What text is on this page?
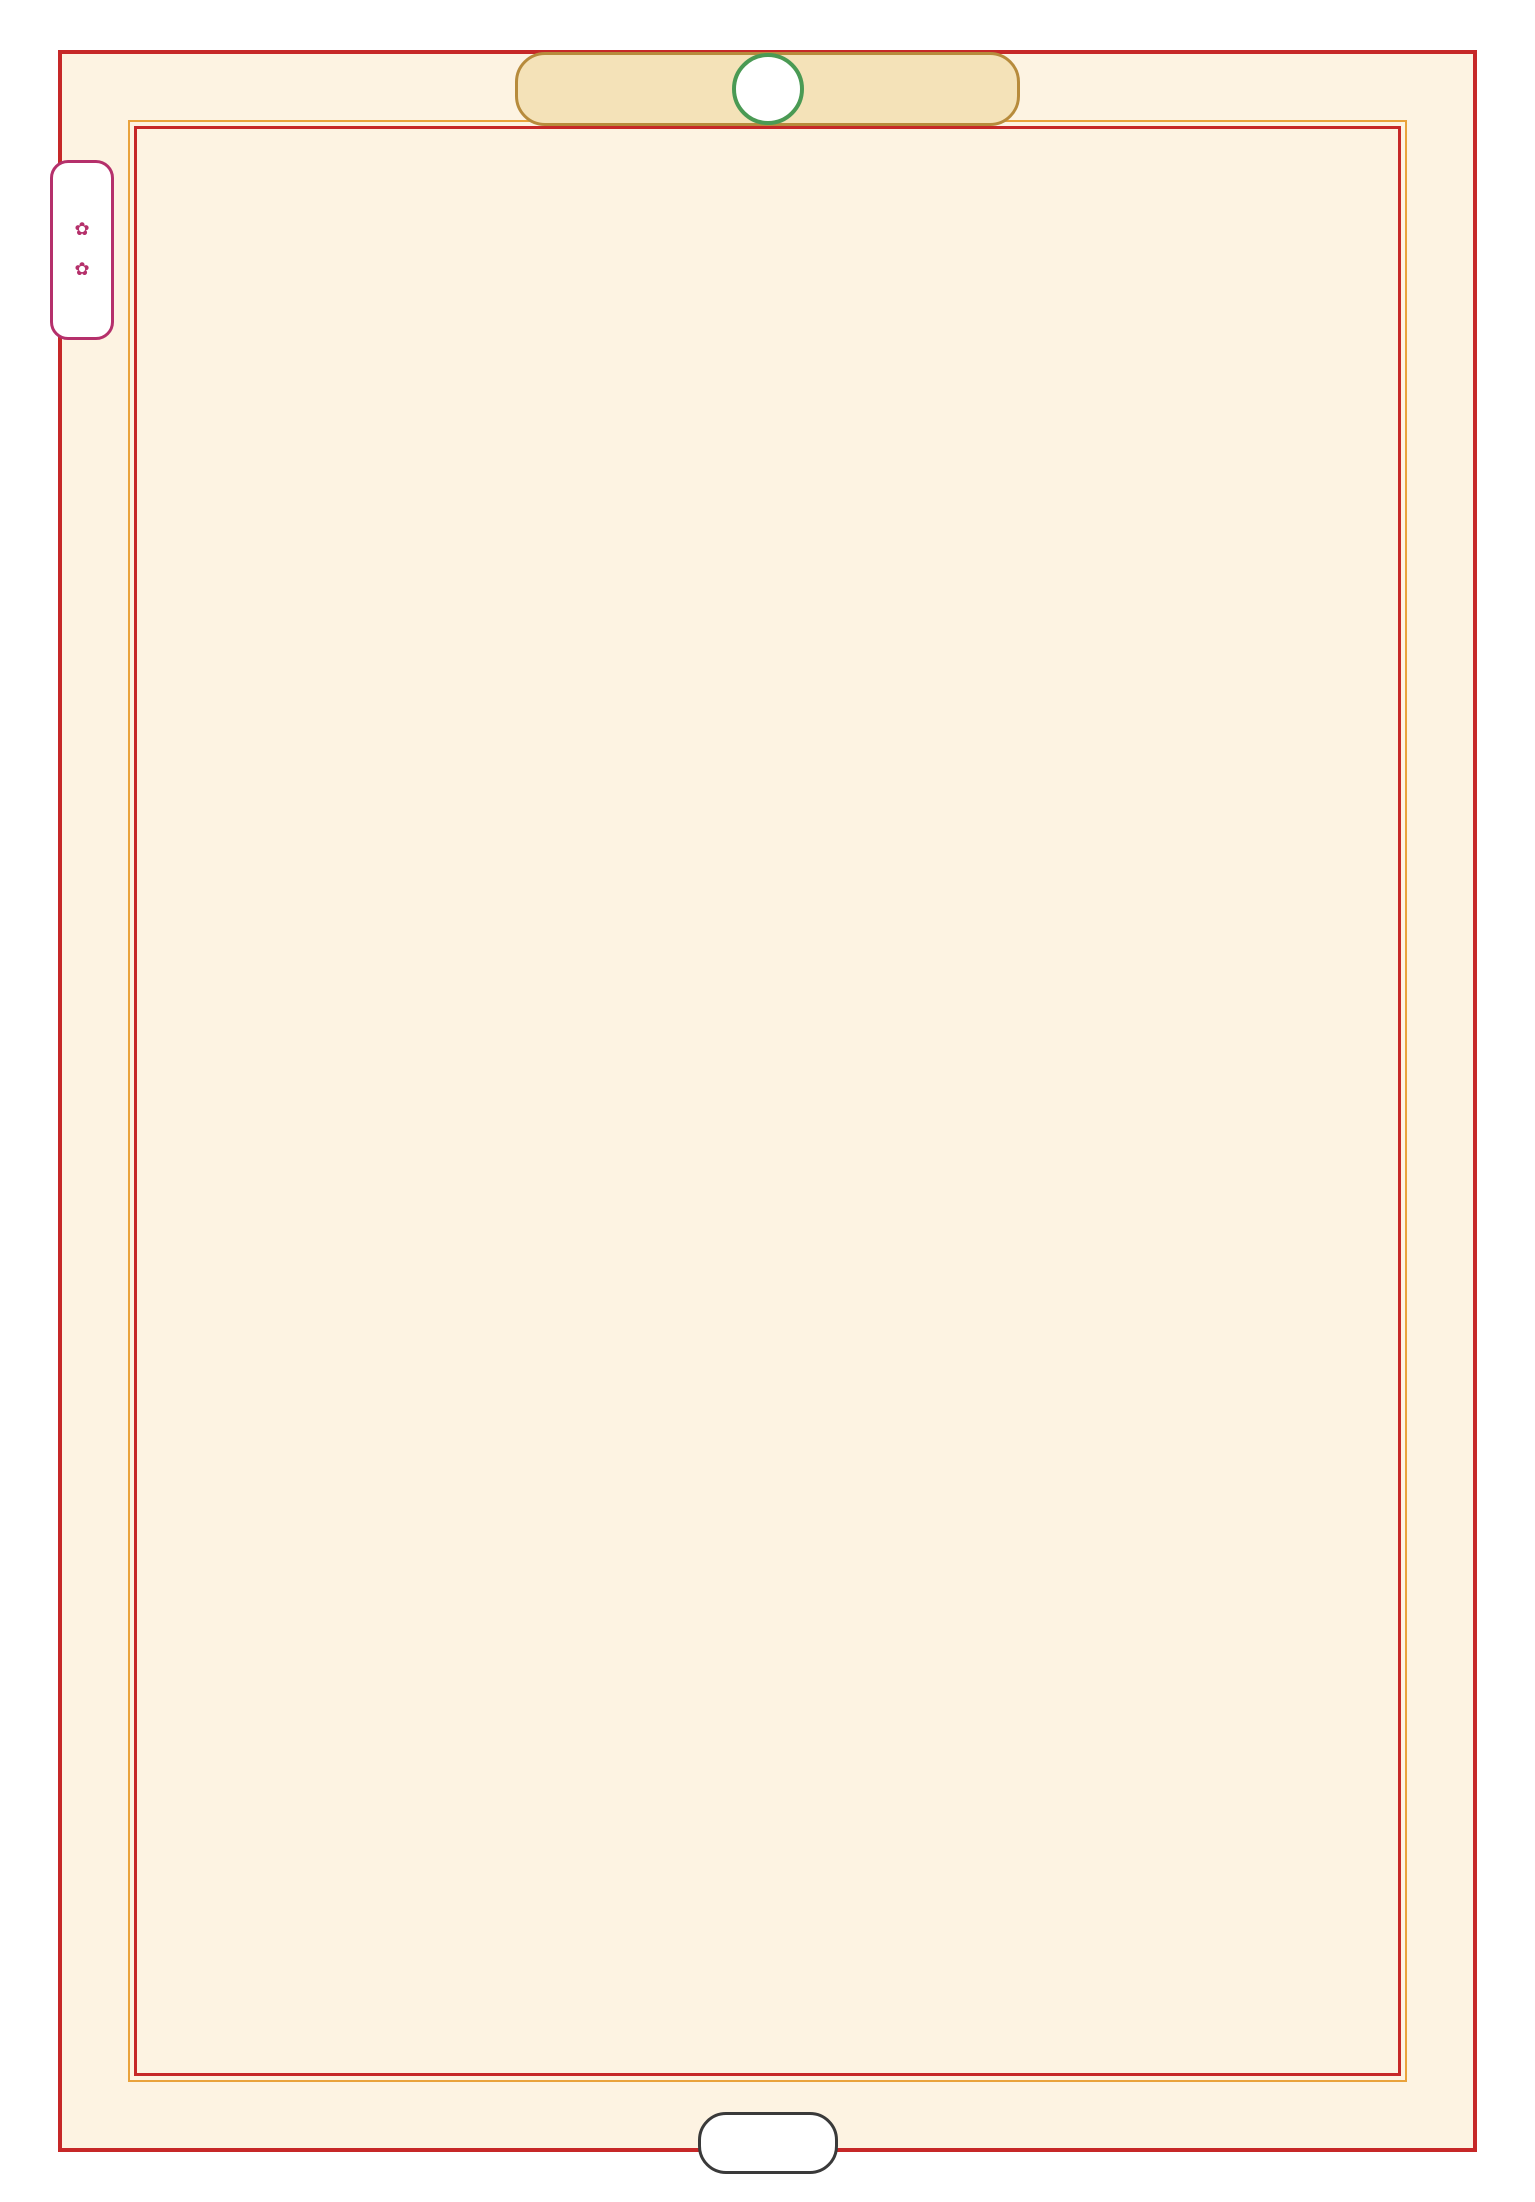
✿
✿
